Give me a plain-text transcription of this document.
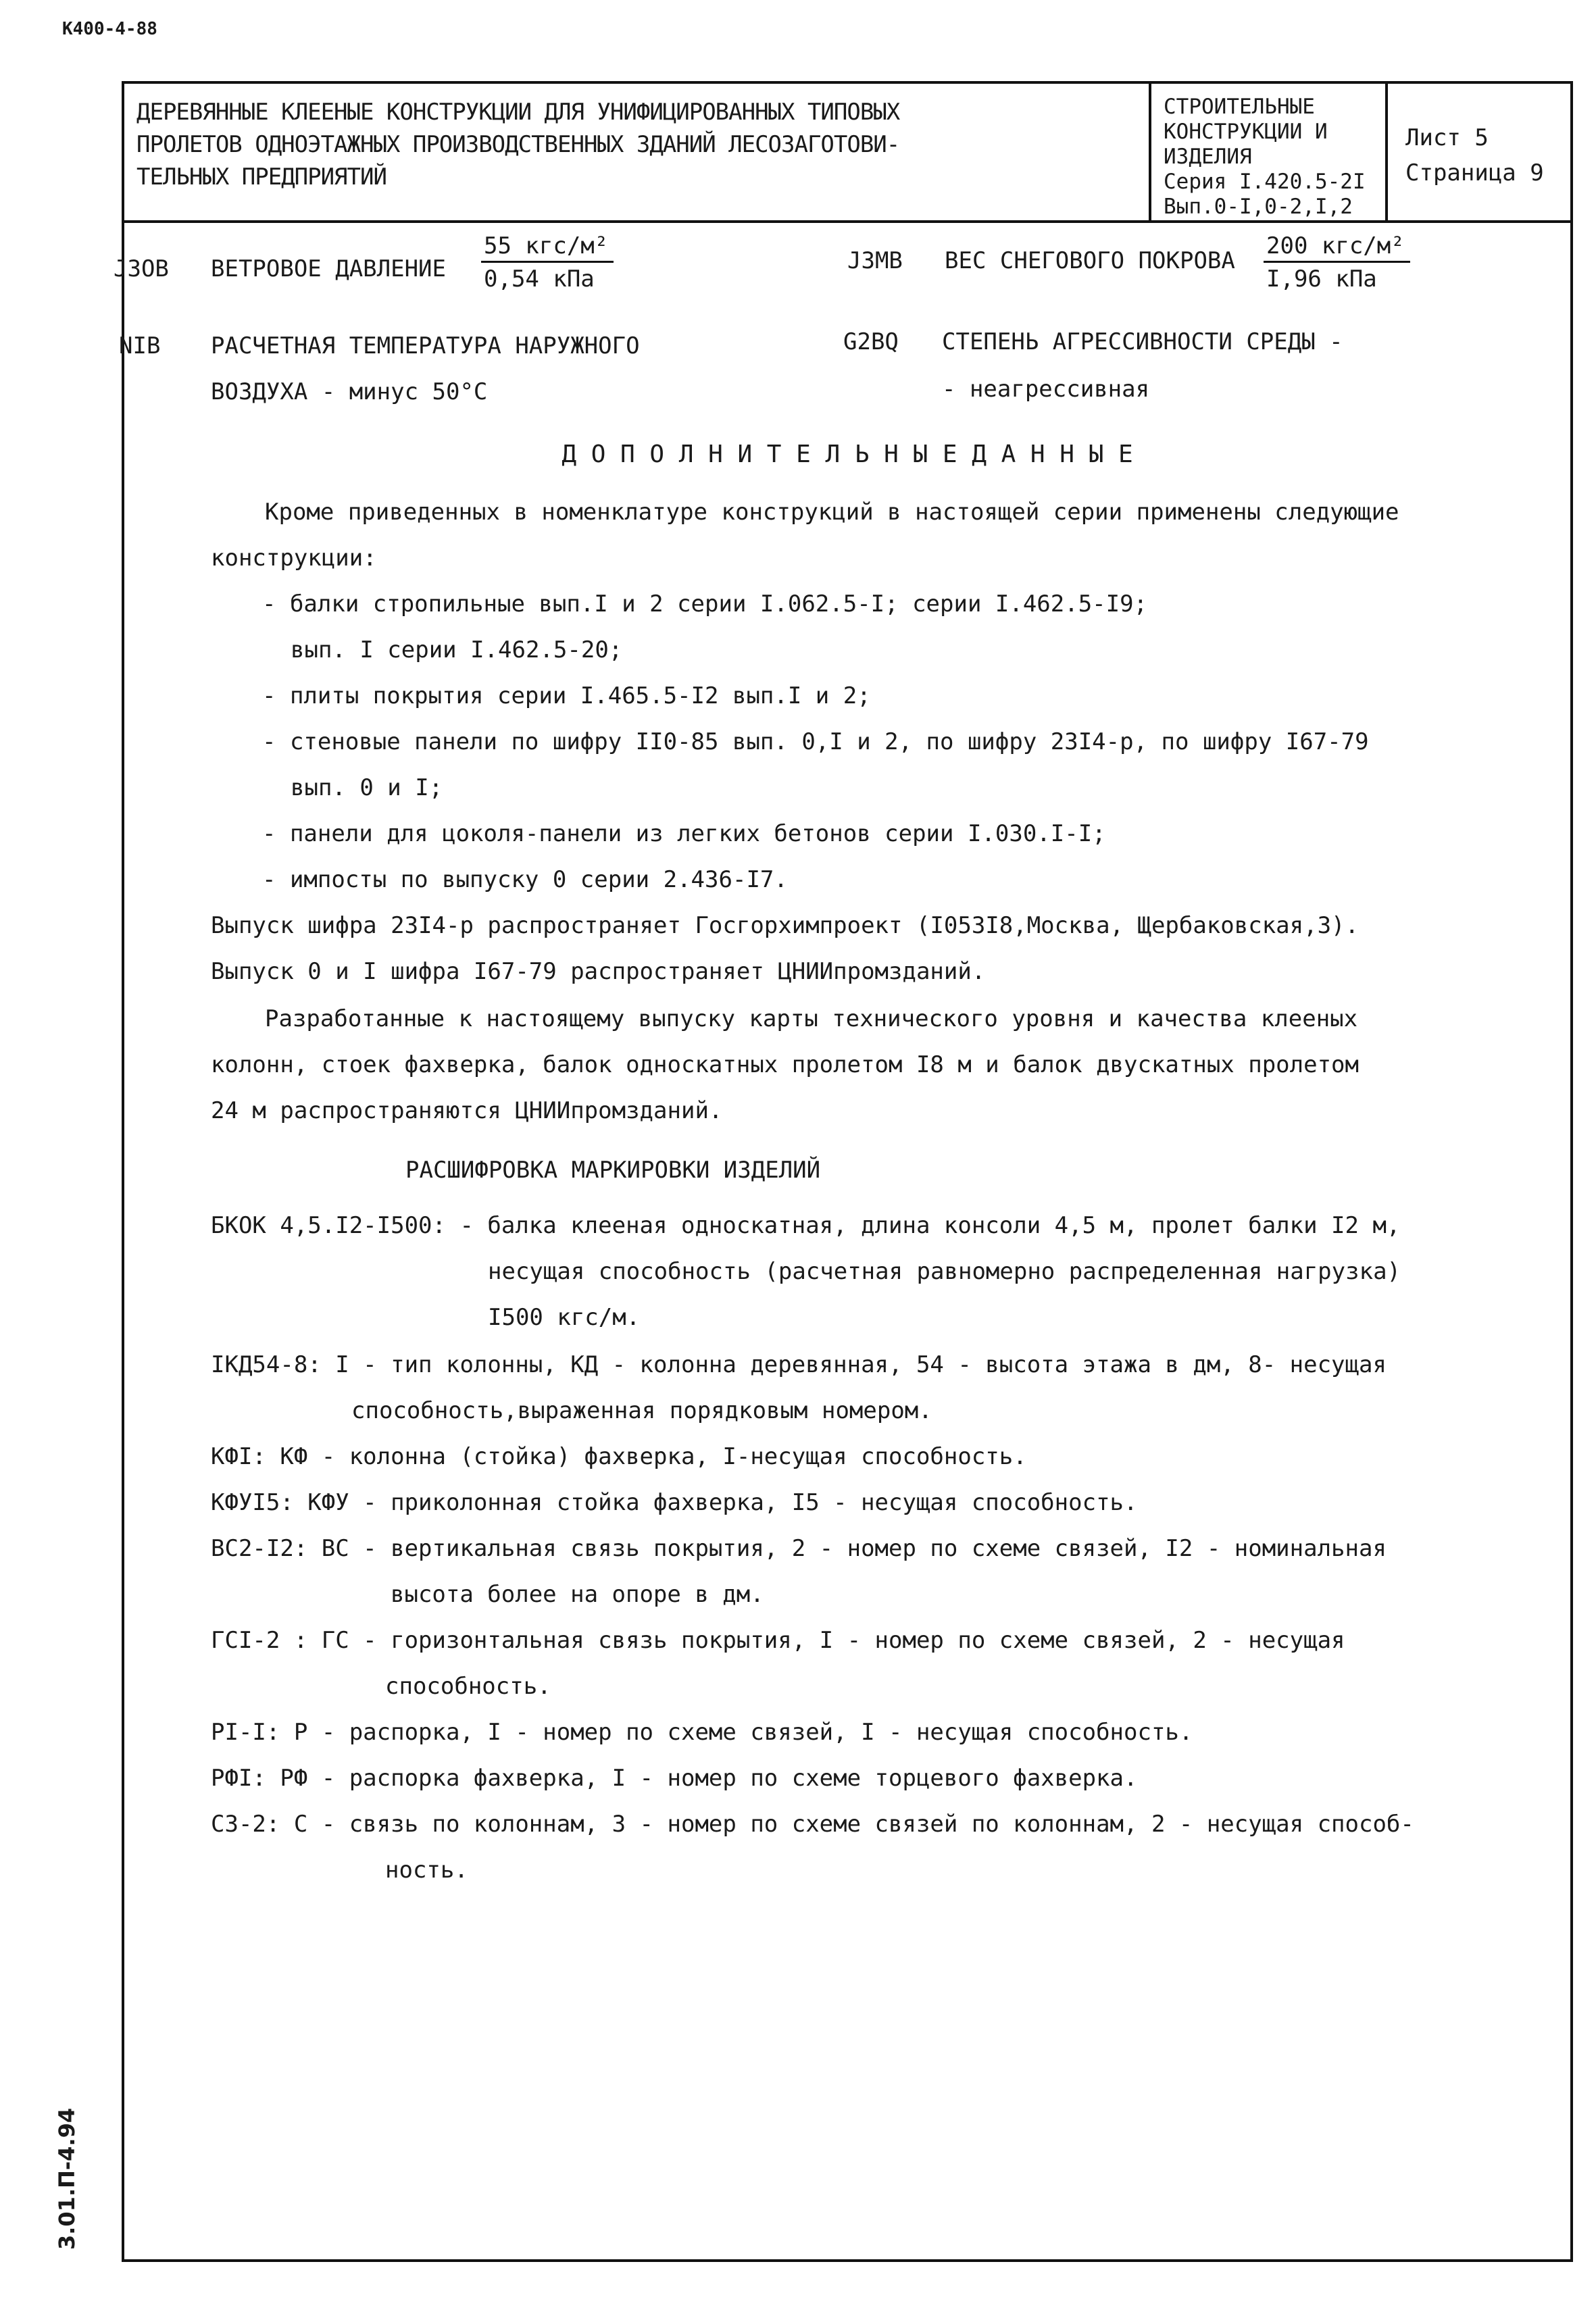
К400-4-88
ДЕРЕВЯННЫЕ КЛЕЕНЫЕ КОНСТРУКЦИИ ДЛЯ УНИФИЦИРОВАННЫХ ТИПОВЫХ
ПРОЛЕТОВ ОДНОЭТАЖНЫХ ПРОИЗВОДСТВЕННЫХ ЗДАНИЙ ЛЕСОЗАГОТОВИ-
ТЕЛЬНЫХ ПРЕДПРИЯТИЙ
СТРОИТЕЛЬНЫЕ
КОНСТРУКЦИИ И
ИЗДЕЛИЯ
Серия I.420.5-2I
Вып.0-I,0-2,I,2
Лист 5
Страница 9
3.01.П-4.94
J3ОВ ВЕТРОВОЕ ДАВЛЕНИЕ
55 кгс/м²
0,54 кПа
J3МВ ВЕС СНЕГОВОГО ПОКРОВА
200 кгс/м²
I,96 кПа
NIB РАСЧЕТНАЯ ТЕМПЕРАТУРА НАРУЖНОГО
ВОЗДУХА - минус 50°С
G2BQ СТЕПЕНЬ АГРЕССИВНОСТИ СРЕДЫ -
- неагрессивная
Д О П О Л Н И Т Е Л Ь Н Ы Е Д А Н Н Ы Е
Кроме приведенных в номенклатуре конструкций в настоящей серии применены следующие
конструкции:
- балки стропильные вып.I и 2 серии I.062.5-I; серии I.462.5-I9;
вып. I серии I.462.5-20;
- плиты покрытия серии I.465.5-I2 вып.I и 2;
- стеновые панели по шифру II0-85 вып. 0,I и 2, по шифру 23I4-р, по шифру I67-79
вып. 0 и I;
- панели для цоколя-панели из легких бетонов серии I.030.I-I;
- импосты по выпуску 0 серии 2.436-I7.
Выпуск шифра 23I4-р распространяет Госгорхимпроект (I053I8,Москва, Щербаковская,3).
Выпуск 0 и I шифра I67-79 распространяет ЦНИИпромзданий.
Разработанные к настоящему выпуску карты технического уровня и качества клееных
колонн, стоек фахверка, балок односкатных пролетом I8 м и балок двускатных пролетом
24 м распространяются ЦНИИпромзданий.
РАСШИФРОВКА МАРКИРОВКИ ИЗДЕЛИЙ
БКОК 4,5.I2-I500: - балка клееная односкатная, длина консоли 4,5 м, пролет балки I2 м,
несущая способность (расчетная равномерно распределенная нагрузка)
I500 кгс/м.
IКД54-8: I - тип колонны, КД - колонна деревянная, 54 - высота этажа в дм, 8- несущая
способность,выраженная порядковым номером.
КФI: КФ - колонна (стойка) фахверка, I-несущая способность.
КФУI5: КФУ - приколонная стойка фахверка, I5 - несущая способность.
ВС2-I2: ВС - вертикальная связь покрытия, 2 - номер по схеме связей, I2 - номинальная
высота более на опоре в дм.
ГСI-2 : ГС - горизонтальная связь покрытия, I - номер по схеме связей, 2 - несущая
способность.
РI-I: Р - распорка, I - номер по схеме связей, I - несущая способность.
РФI: РФ - распорка фахверка, I - номер по схеме торцевого фахверка.
С3-2: С - связь по колоннам, 3 - номер по схеме связей по колоннам, 2 - несущая способ-
ность.
